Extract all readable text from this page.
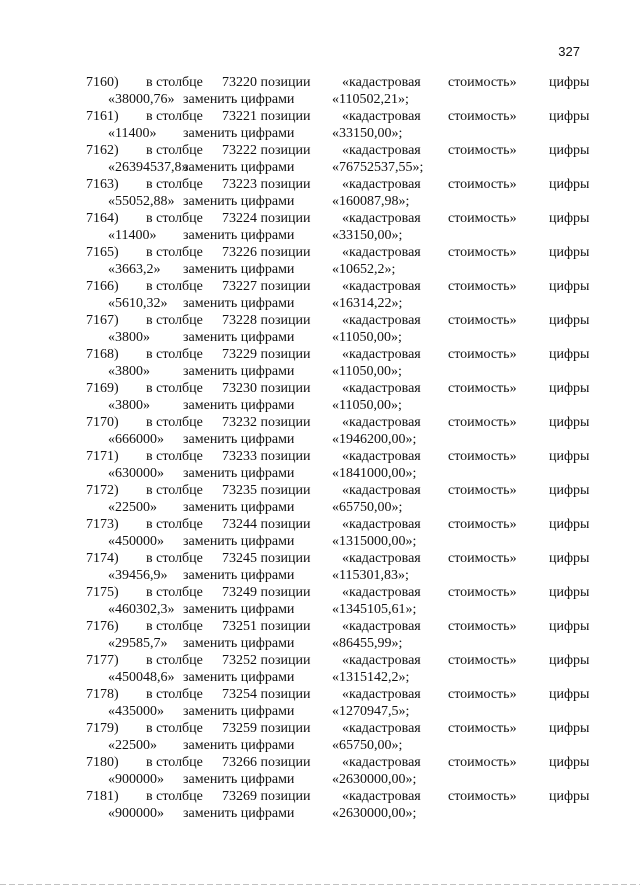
327
7160) в столбце 73220 позиции «кадастровая стоимость» цифры
«38000,76» заменить цифрами	«110502,21»;
7161) в столбце 73221 позиции «кадастровая стоимость» цифры
«11400» заменить цифрами	«33150,00»;
7162) в столбце 73222 позиции «кадастровая стоимость» цифры
«26394537,8»
заменить цифрами	«76752537,55»;
7163) в столбце 73223 позиции «кадастровая стоимость» цифры
«55052,88» заменить цифрами	«160087,98»;
7164) в столбце 73224 позиции «кадастровая стоимость» цифры
«11400» заменить цифрами	«33150,00»;
7165) в столбце 73226 позиции «кадастровая стоимость» цифры
«3663,2» заменить цифрами	«10652,2»;
7166) в столбце 73227 позиции «кадастровая стоимость» цифры
«5610,32» заменить цифрами	«16314,22»;
7167) в столбце 73228 позиции «кадастровая стоимость» цифры
«3800» заменить цифрами	«11050,00»;
7168) в столбце 73229 позиции «кадастровая стоимость» цифры
«3800» заменить цифрами	«11050,00»;
7169) в столбце 73230 позиции «кадастровая стоимость» цифры
«3800» заменить цифрами	«11050,00»;
7170) в столбце 73232 позиции «кадастровая стоимость» цифры
«666000» заменить цифрами	«1946200,00»;
7171) в столбце 73233 позиции «кадастровая стоимость» цифры
«630000» заменить цифрами	«1841000,00»;
7172) в столбце 73235 позиции «кадастровая стоимость» цифры
«22500» заменить цифрами	«65750,00»;
7173) в столбце 73244 позиции «кадастровая стоимость» цифры
«450000» заменить цифрами	«1315000,00»;
7174) в столбце 73245 позиции «кадастровая стоимость» цифры
«39456,9» заменить цифрами	«115301,83»;
7175) в столбце 73249 позиции «кадастровая стоимость» цифры
«460302,3» заменить цифрами	«1345105,61»;
7176) в столбце 73251 позиции «кадастровая стоимость» цифры
«29585,7» заменить цифрами	«86455,99»;
7177) в столбце 73252 позиции «кадастровая стоимость» цифры
«450048,6» заменить цифрами	«1315142,2»;
7178) в столбце 73254 позиции «кадастровая стоимость» цифры
«435000» заменить цифрами	«1270947,5»;
7179) в столбце 73259 позиции «кадастровая стоимость» цифры
«22500» заменить цифрами	«65750,00»;
7180) в столбце 73266 позиции «кадастровая стоимость» цифры
«900000» заменить цифрами	«2630000,00»;
7181) в столбце 73269 позиции «кадастровая стоимость» цифры
«900000» заменить цифрами	«2630000,00»;
